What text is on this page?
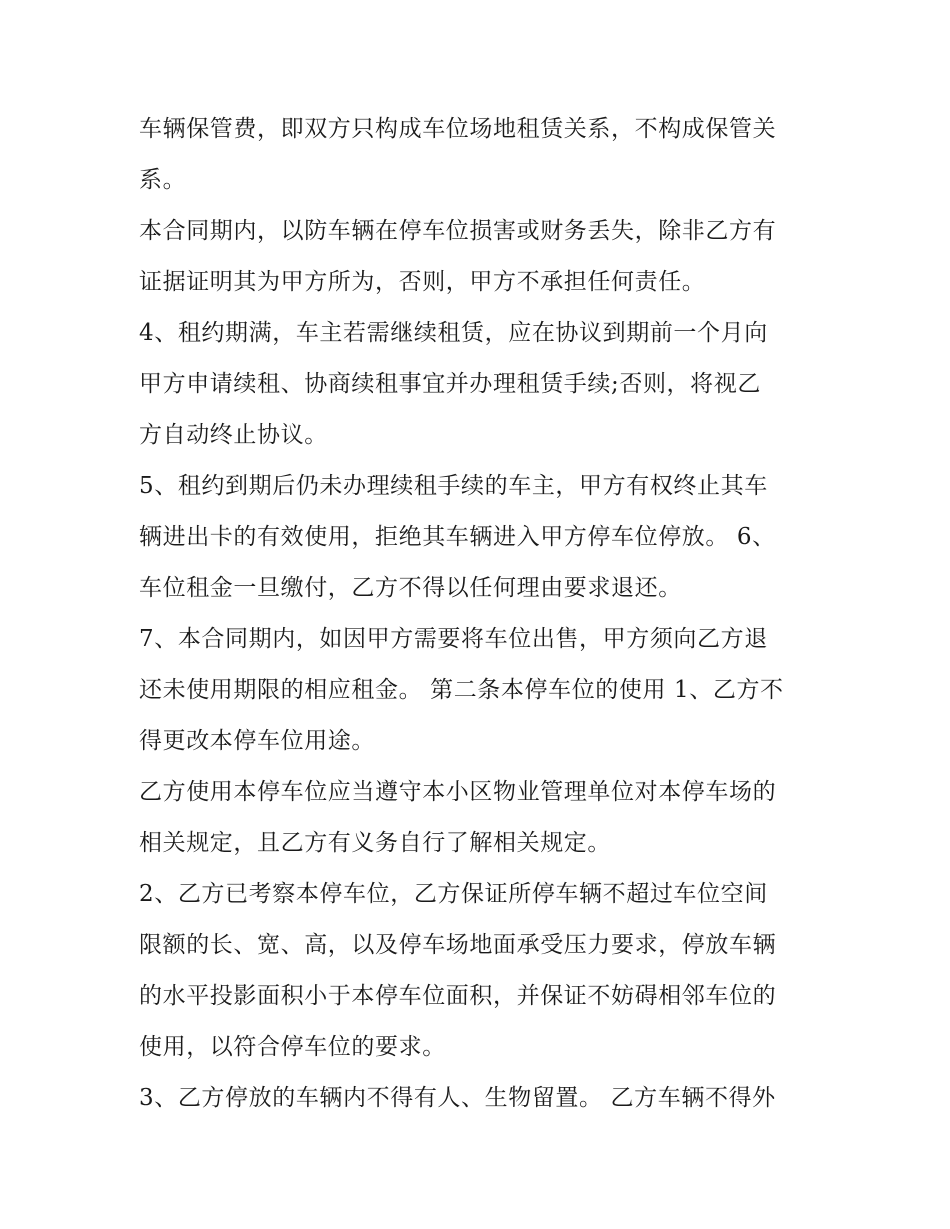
车辆保管费，即双方只构成车位场地租赁关系，不构成保管关
系。
本合同期内，以防车辆在停车位损害或财务丢失，除非乙方有
证据证明其为甲方所为，否则，甲方不承担任何责任。
4、租约期满，车主若需继续租赁，应在协议到期前一个月向
甲方申请续租、协商续租事宜并办理租赁手续;否则，将视乙
方自动终止协议。
5、租约到期后仍未办理续租手续的车主，甲方有权终止其车
辆进出卡的有效使用，拒绝其车辆进入甲方停车位停放。 6、
车位租金一旦缴付，乙方不得以任何理由要求退还。
7、本合同期内，如因甲方需要将车位出售，甲方须向乙方退
还未使用期限的相应租金。 第二条本停车位的使用 1、乙方不
得更改本停车位用途。
乙方使用本停车位应当遵守本小区物业管理单位对本停车场的
相关规定，且乙方有义务自行了解相关规定。
2、乙方已考察本停车位，乙方保证所停车辆不超过车位空间
限额的长、宽、高，以及停车场地面承受压力要求，停放车辆
的水平投影面积小于本停车位面积，并保证不妨碍相邻车位的
使用，以符合停车位的要求。
3、乙方停放的车辆内不得有人、生物留置。 乙方车辆不得外
